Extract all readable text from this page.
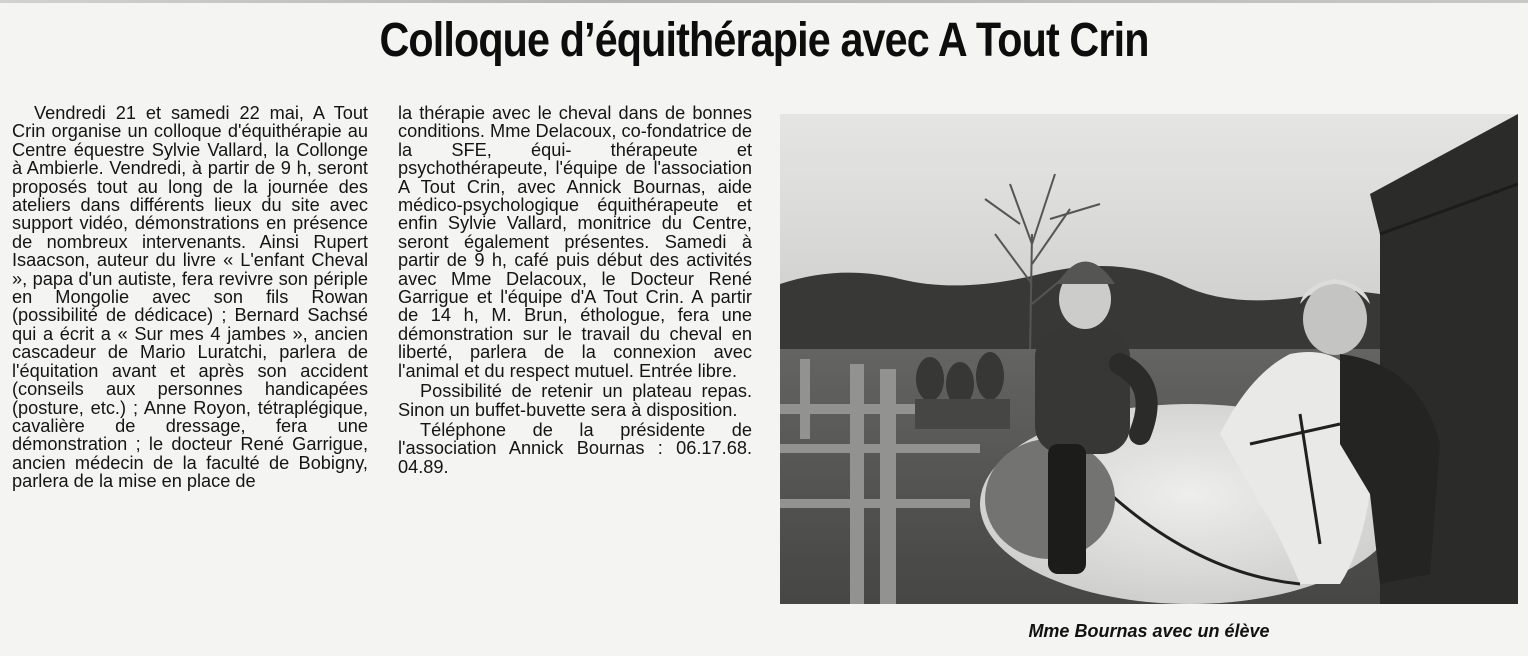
Colloque d’équithérapie avec A Tout Crin

Vendredi 21 et samedi 22 mai, A Tout Crin organise un colloque d'équithérapie au Centre équestre Sylvie Vallard, la Collonge à Ambierle. Vendredi, à partir de 9 h, seront proposés tout au long de la journée des ateliers dans différents lieux du site avec support vidéo, démonstrations en présence de nombreux intervenants. Ainsi Rupert Isaacson, auteur du livre « L'enfant Cheval », papa d'un autiste, fera revivre son périple en Mongolie avec son fils Rowan (possibilité de dédicace) ; Bernard Sachsé qui a écrit a « Sur mes 4 jambes », ancien cascadeur de Mario Luratchi, parlera de l'équitation avant et après son accident (conseils aux personnes handicapées (posture, etc.) ; Anne Royon, tétraplégique, cavalière de dressage, fera une démonstration ; le docteur René Garrigue, ancien médecin de la faculté de Bobigny, parlera de la mise en place de

la thérapie avec le cheval dans de bonnes conditions. Mme Delacoux, co-fondatrice de la SFE, équi- thérapeute et psychothérapeute, l'équipe de l'association A Tout Crin, avec Annick Bournas, aide médico-psychologique équithérapeute et enfin Sylvie Vallard, monitrice du Centre, seront également présentes. Samedi à partir de 9 h, café puis début des activités avec Mme Delacoux, le Docteur René Garrigue et l'équipe d'A Tout Crin. A partir de 14 h, M. Brun, éthologue, fera une démonstration sur le travail du cheval en liberté, parlera de la connexion avec l'animal et du respect mutuel. Entrée libre.

Possibilité de retenir un plateau repas. Sinon un buffet-buvette sera à disposition.

Téléphone de la présidente de l'association Annick Bournas : 06.17.68. 04.89.

Mme Bournas avec un élève
